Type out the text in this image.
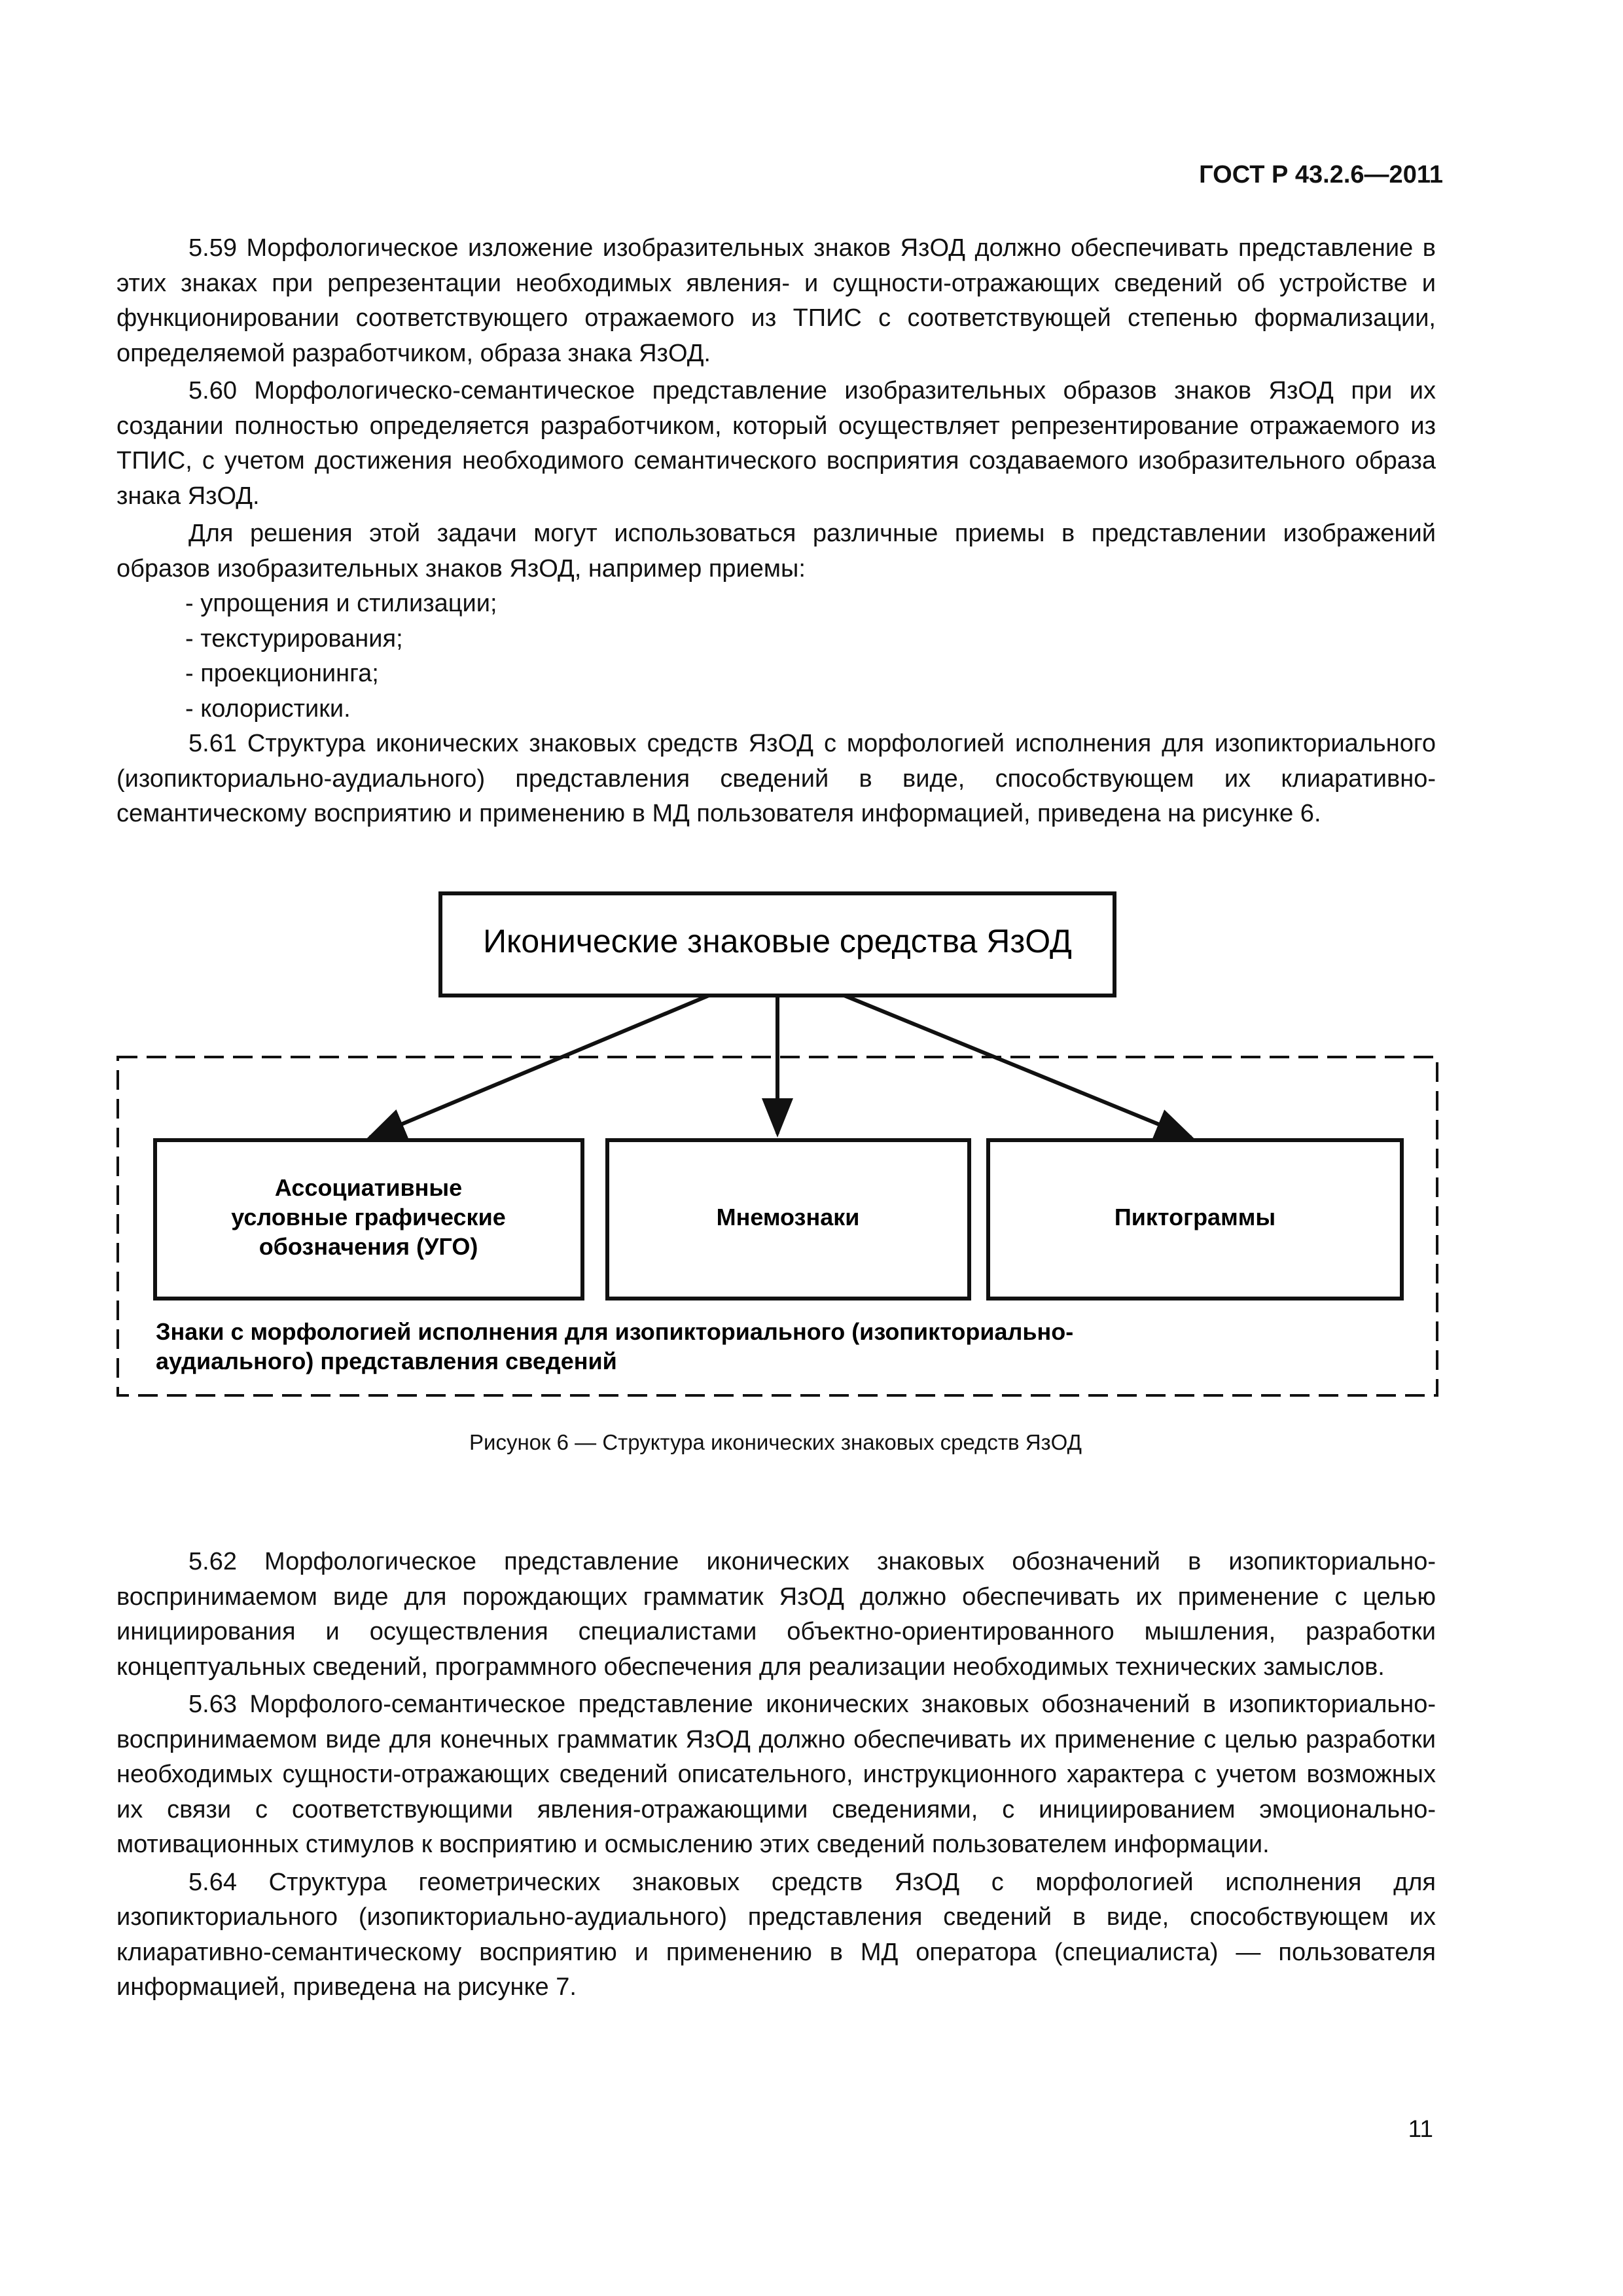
ГОСТ Р 43.2.6—2011

5.59 Морфологическое изложение изобразительных знаков ЯзОД должно обеспечивать представление в этих знаках при репрезентации необходимых явления- и сущности-отражающих сведений об устройстве и функционировании соответствующего отражаемого из ТПИС с соответствующей степенью формализации, определяемой разработчиком, образа знака ЯзОД.

5.60 Морфологическо-семантическое представление изобразительных образов знаков ЯзОД при их создании полностью определяется разработчиком, который осуществляет репрезентирование отражаемого из ТПИС, с учетом достижения необходимого семантического восприятия создаваемого изобразительного образа знака ЯзОД.

Для решения этой задачи могут использоваться различные приемы в представлении изображений образов изобразительных знаков ЯзОД, например приемы:

- упрощения и стилизации;

- текстурирования;

- проекционинга;

- колористики.

5.61 Структура иконических знаковых средств ЯзОД с морфологией исполнения для изопикториального (изопикториально-аудиального) представления сведений в виде, способствующем их клиаративно-семантическому восприятию и применению в МД пользователя информацией, приведена на рисунке 6.

Иконические знаковые средства ЯзОД
Ассоциативные
условные графические
обозначения (УГО)
Мнемознаки	Пиктограммы
Знаки с морфологией исполнения для изопикториального (изопикториально-
аудиального) представления сведений

Рисунок 6 — Структура иконических знаковых средств ЯзОД

5.62 Морфологическое представление иконических знаковых обозначений в изопикториально-воспринимаемом виде для порождающих грамматик ЯзОД должно обеспечивать их применение с целью инициирования и осуществления специалистами объектно-ориентированного мышления, разработки концептуальных сведений, программного обеспечения для реализации необходимых технических замыслов.

5.63 Морфолого-семантическое представление иконических знаковых обозначений в изопикториально-воспринимаемом виде для конечных грамматик ЯзОД должно обеспечивать их применение с целью разработки необходимых сущности-отражающих сведений описательного, инструкционного характера с учетом возможных их связи с соответствующими явления-отражающими сведениями, с инициированием эмоционально-мотивационных стимулов к восприятию и осмыслению этих сведений пользователем информации.

5.64 Структура геометрических знаковых средств ЯзОД с морфологией исполнения для изопикториального (изопикториально-аудиального) представления сведений в виде, способствующем их клиаративно-семантическому восприятию и применению в МД оператора (специалиста) — пользователя информацией, приведена на рисунке 7.

11
